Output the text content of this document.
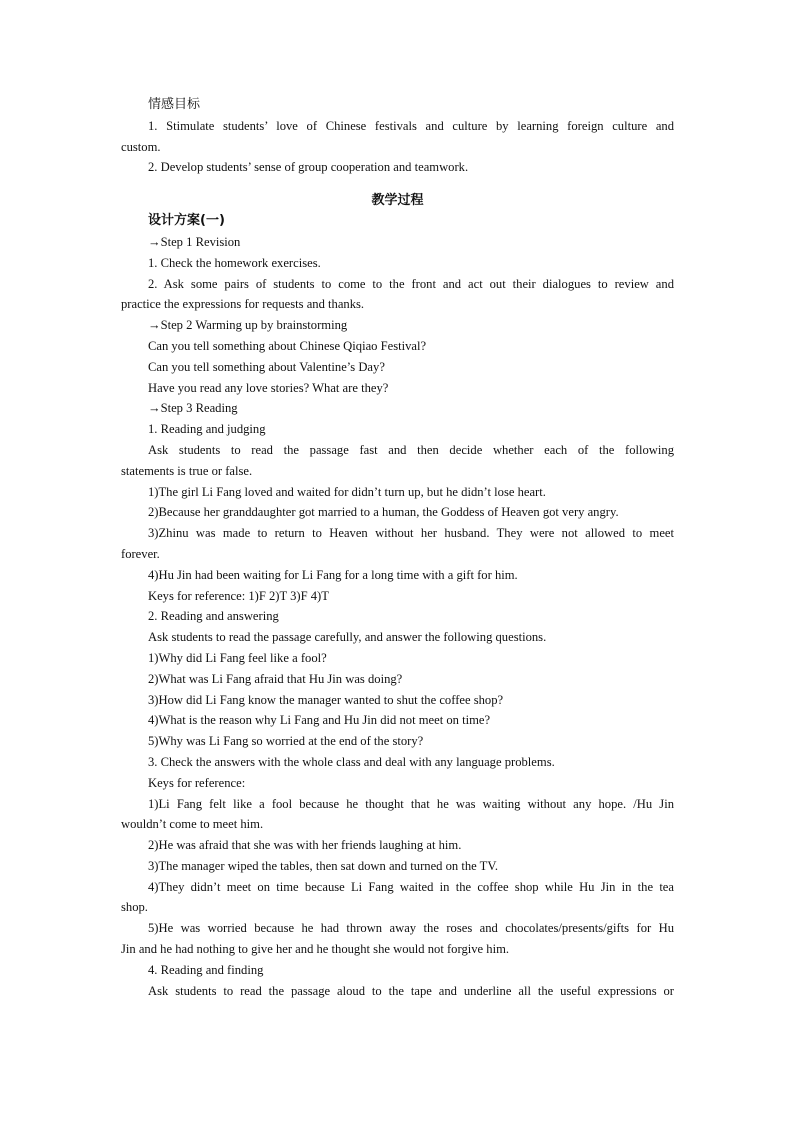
情感目标

1. Stimulate students’ love of Chinese festivals and culture by learning foreign culture and

custom.

2. Develop students’ sense of group cooperation and teamwork.

教学过程

设计方案(一)

→Step 1 Revision

1. Check the homework exercises.

2. Ask some pairs of students to come to the front and act out their dialogues to review and

practice the expressions for requests and thanks.

→Step 2 Warming up by brainstorming

Can you tell something about Chinese Qiqiao Festival?

Can you tell something about Valentine’s Day?

Have you read any love stories? What are they?

→Step 3 Reading

1. Reading and judging

Ask students to read the passage fast and then decide whether each of the following

statements is true or false.

1)The girl Li Fang loved and waited for didn’t turn up, but he didn’t lose heart.

2)Because her granddaughter got married to a human, the Goddess of Heaven got very angry.

3)Zhinu was made to return to Heaven without her husband. They were not allowed to meet

forever.

4)Hu Jin had been waiting for Li Fang for a long time with a gift for him.

Keys for reference: 1)F 2)T 3)F 4)T

2. Reading and answering

Ask students to read the passage carefully, and answer the following questions.

1)Why did Li Fang feel like a fool?

2)What was Li Fang afraid that Hu Jin was doing?

3)How did Li Fang know the manager wanted to shut the coffee shop?

4)What is the reason why Li Fang and Hu Jin did not meet on time?

5)Why was Li Fang so worried at the end of the story?

3. Check the answers with the whole class and deal with any language problems.

Keys for reference:

1)Li Fang felt like a fool because he thought that he was waiting without any hope. /Hu Jin

wouldn’t come to meet him.

2)He was afraid that she was with her friends laughing at him.

3)The manager wiped the tables, then sat down and turned on the TV.

4)They didn’t meet on time because Li Fang waited in the coffee shop while Hu Jin in the tea

shop.

5)He was worried because he had thrown away the roses and chocolates/presents/gifts for Hu

Jin and he had nothing to give her and he thought she would not forgive him.

4. Reading and finding

Ask students to read the passage aloud to the tape and underline all the useful expressions or
